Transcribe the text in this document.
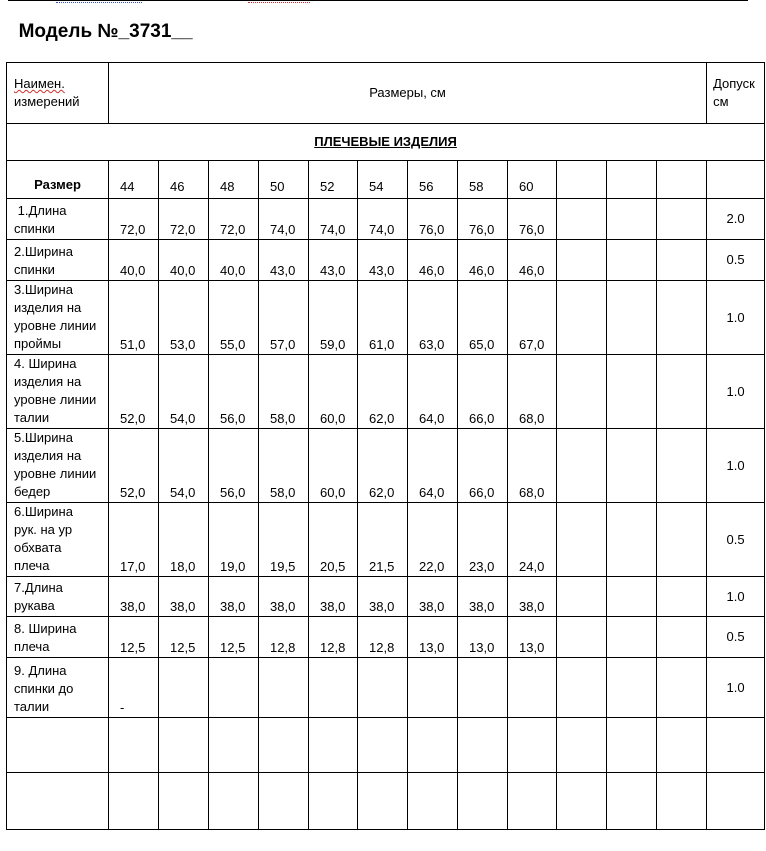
Модель №_3731__
Наимен.
измерений	Размеры, см												Допуск
см
ПЛЕЧЕВЫЕ ИЗДЕЛИЯ													
Размер	44	46	48	50	52	54	56	58	60				
1.Длина
спинки	72,0	72,0	72,0	74,0	74,0	74,0	76,0	76,0	76,0				2.0
2.Ширина
спинки	40,0	40,0	40,0	43,0	43,0	43,0	46,0	46,0	46,0				0.5
3.Ширина
изделия на
уровне линии
проймы	51,0	53,0	55,0	57,0	59,0	61,0	63,0	65,0	67,0				1.0
4. Ширина
изделия на
уровне линии
талии	52,0	54,0	56,0	58,0	60,0	62,0	64,0	66,0	68,0				1.0
5.Ширина
изделия на
уровне линии
бедер	52,0	54,0	56,0	58,0	60,0	62,0	64,0	66,0	68,0				1.0
6.Ширина
рук. на ур
обхвата
плеча	17,0	18,0	19,0	19,5	20,5	21,5	22,0	23,0	24,0				0.5
7.Длина
рукава	38,0	38,0	38,0	38,0	38,0	38,0	38,0	38,0	38,0				1.0
8. Ширина
плеча	12,5	12,5	12,5	12,8	12,8	12,8	13,0	13,0	13,0				0.5
9. Длина
спинки до
талии	-												1.0
